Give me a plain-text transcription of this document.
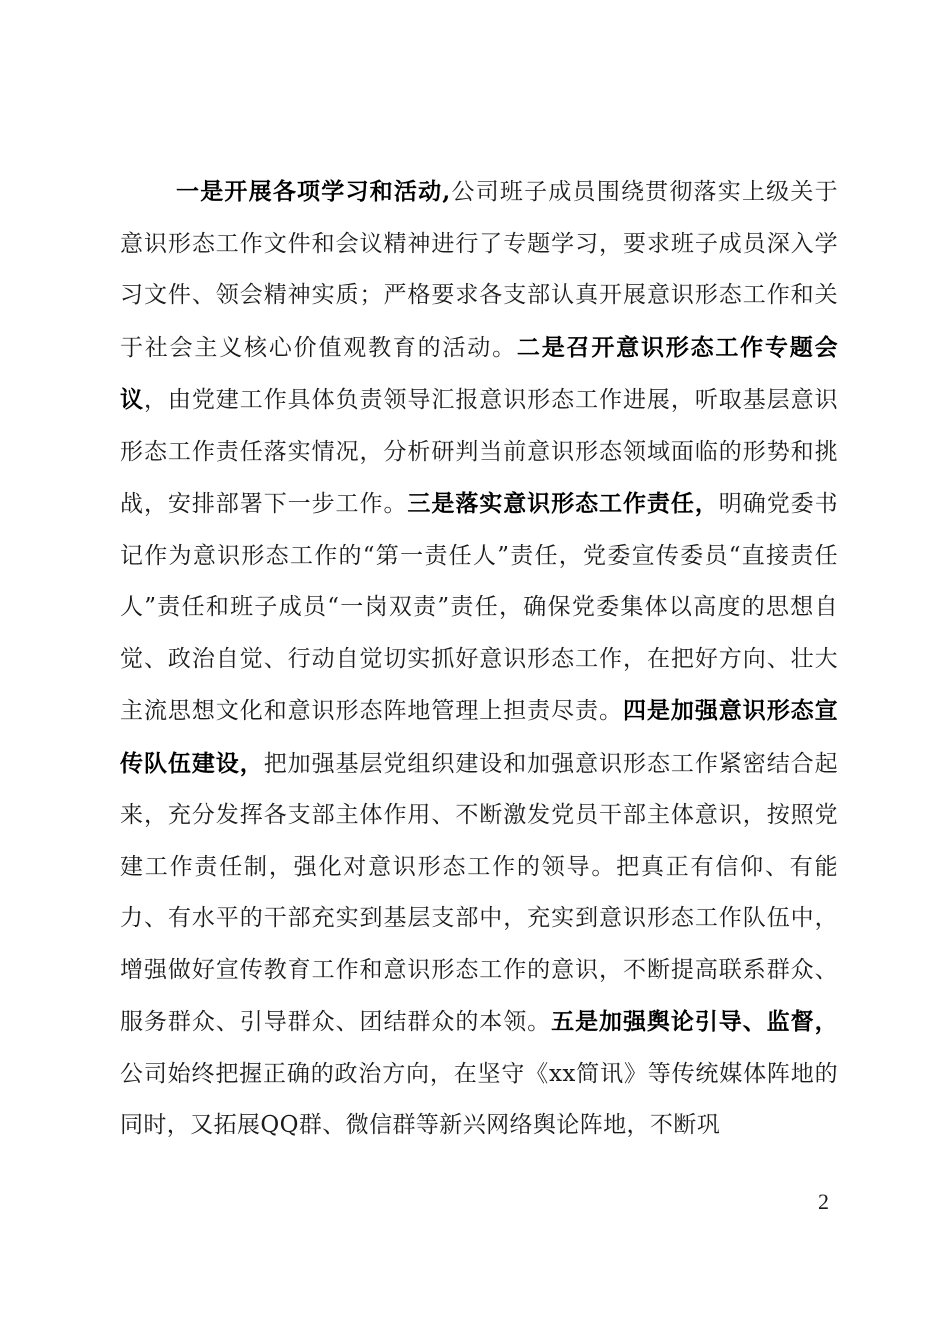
一是开展各项学习和活动,公司班子成员围绕贯彻落实上级关于意识形态工作文件和会议精神进行了专题学习，要求班子成员深入学习文件、领会精神实质；严格要求各支部认真开展意识形态工作和关于社会主义核心价值观教育的活动。二是召开意识形态工作专题会议，由党建工作具体负责领导汇报意识形态工作进展，听取基层意识形态工作责任落实情况，分析研判当前意识形态领域面临的形势和挑战，安排部署下一步工作。三是落实意识形态工作责任，明确党委书记作为意识形态工作的“第一责任人”责任，党委宣传委员“直接责任人”责任和班子成员“一岗双责”责任，确保党委集体以高度的思想自觉、政治自觉、行动自觉切实抓好意识形态工作，在把好方向、壮大主流思想文化和意识形态阵地管理上担责尽责。四是加强意识形态宣传队伍建设，把加强基层党组织建设和加强意识形态工作紧密结合起来，充分发挥各支部主体作用、不断激发党员干部主体意识，按照党建工作责任制，强化对意识形态工作的领导。把真正有信仰、有能力、有水平的干部充实到基层支部中，充实到意识形态工作队伍中，增强做好宣传教育工作和意识形态工作的意识，不断提高联系群众、服务群众、引导群众、团结群众的本领。五是加强舆论引导、监督，公司始终把握正确的政治方向，在坚守《xx简讯》等传统媒体阵地的同时，又拓展QQ群、微信群等新兴网络舆论阵地，不断巩

2
